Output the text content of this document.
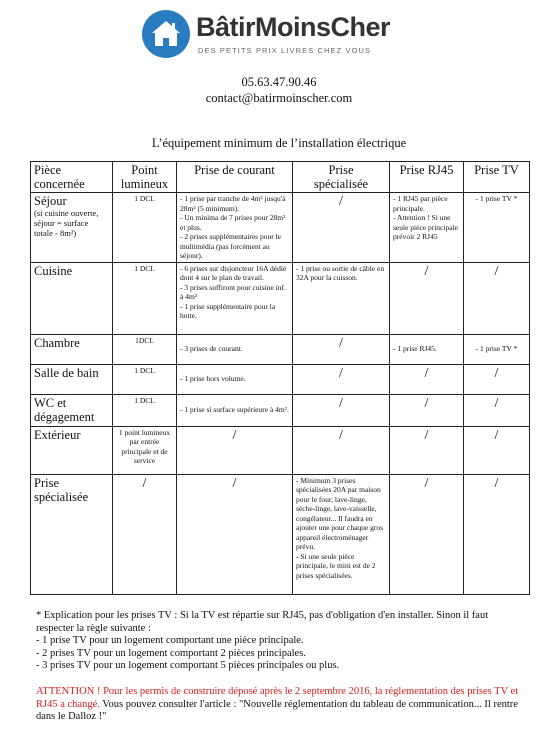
BâtirMoinsCher
DES PETITS PRIX LIVRES CHEZ VOUS
05.63.47.90.46
contact@batirmoinscher.com
L’équipement minimum de l’installation électrique
Pièce
concernée	Point
lumineux	Prise de courant	Prise
spécialisée	Prise RJ45	Prise TV
Séjour
(si cuisine ouverte, séjour = surface totale - 8m²)	1 DCL	- 1 prise par tranche de 4m² jusqu'à 28m² (5 minimum).
- Un minima de 7 prises pour 28m² et plus.
- 2 prises supplémentaires pour le multimédia (pas forcément au séjour).	/	- 1 RJ45 par pièce principale.
- Attention ! Si une seule pièce principale prévoir 2 RJ45	- 1 prise TV *
Cuisine	1 DCL	- 6 prises sur disjoncteur 16A dédié dont 4 sur le plan de travail.
- 3 prises suffiront pour cuisine inf. à 4m²
- 1 prise supplémentaire pour la hotte.	- 1 prise ou sortie de câble en 32A pour la cuisson.	/	/
Chambre	1DCL	- 3 prises de courant.	/	- 1 prise RJ45.	- 1 prise TV *
Salle de bain	1 DCL	- 1 prise hors volume.	/	/	/
WC et dégagement	1 DCL	- 1 prise si surface supérieure à 4m².	/	/	/
Extérieur	1 point lumineux par entrée principale et de service	/	/	/	/
Prise spécialisée	/	/	- Minimum 3 prises spécialisées 20A par maison pour le four, lave-linge, sèche-linge, lave-vaisselle, congélateur... Il faudra en ajouter une pour chaque gros appareil électroménager prévu.
- Si une seule pièce principale, le mini est de 2 prises spécialisées.	/	/

* Explication pour les prises TV : Si la TV est répartie sur RJ45, pas d'obligation d'en installer. Sinon il faut respecter la règle suivante :

- 1 prise TV pour un logement comportant une pièce principale.

- 2 prises TV pour un logement comportant 2 pièces principales.

- 3 prises TV pour un logement comportant 5 pièces principales ou plus.

ATTENTION ! Pour les permis de construire déposé après le 2 septembre 2016, la réglementation des prises TV et RJ45 a changé. Vous pouvez consulter l'article : "Nouvelle réglementation du tableau de communication... Il rentre dans le Dalloz !"
